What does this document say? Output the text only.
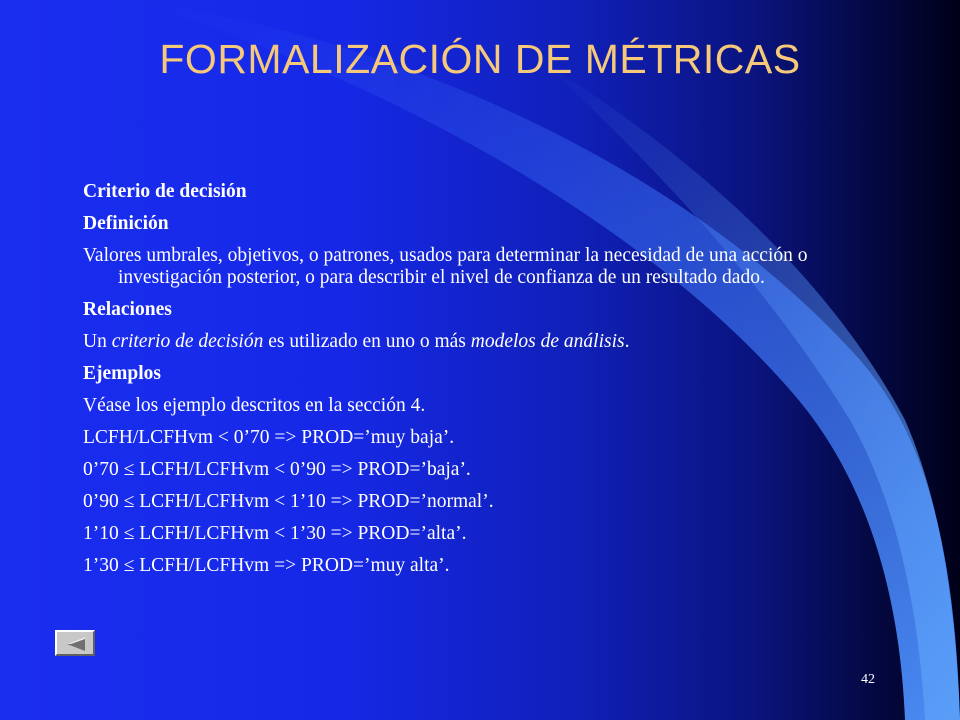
FORMALIZACIÓN DE MÉTRICAS
Criterio de decisión
Definición
Valores umbrales, objetivos, o patrones, usados para determinar la necesidad de una acción o investigación posterior, o para describir el nivel de confianza de un resultado dado.
Relaciones
Un criterio de decisión es utilizado en uno o más modelos de análisis.
Ejemplos
Véase los ejemplo descritos en la sección 4.
LCFH/LCFHvm < 0’70 => PROD=’muy baja’.
0’70 ≤ LCFH/LCFHvm < 0’90 => PROD=’baja’.
0’90 ≤ LCFH/LCFHvm < 1’10 => PROD=’normal’.
1’10 ≤ LCFH/LCFHvm < 1’30 => PROD=’alta’.
1’30 ≤ LCFH/LCFHvm => PROD=’muy alta’.
42
